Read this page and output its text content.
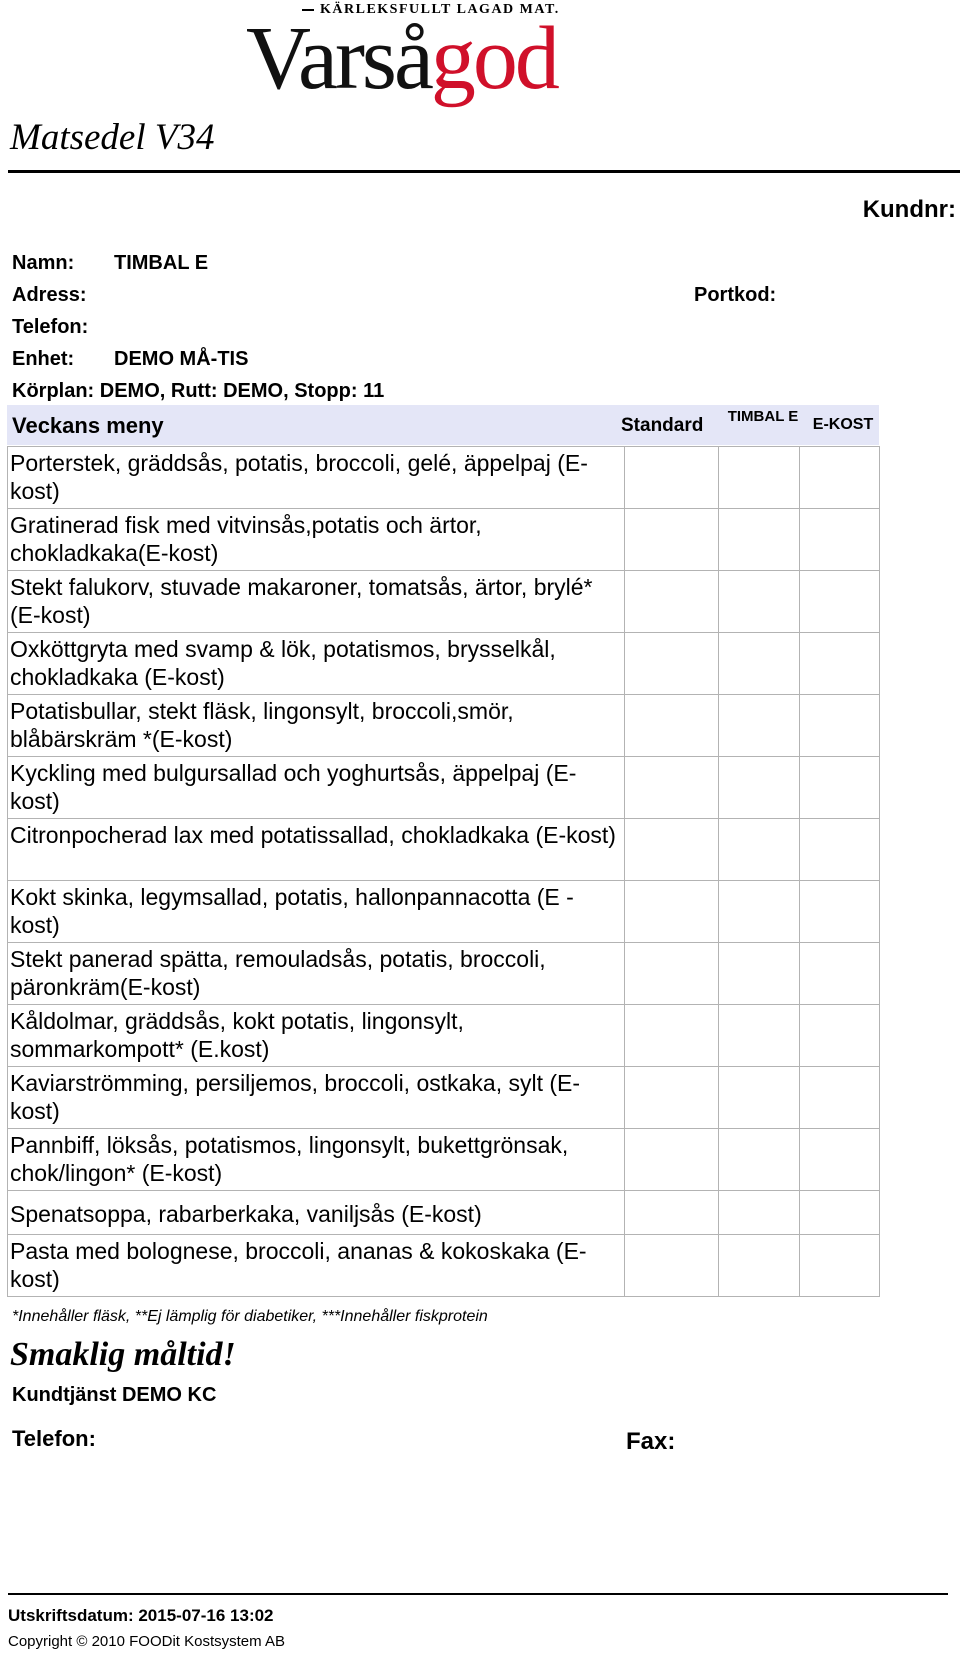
KÄRLEKSFULLT LAGAD MAT.
Varsågod
Matsedel V34
Kundnr:
Namn: TIMBAL E
Adress:	Portkod:
Telefon:
Enhet: DEMO MÅ-TIS
Körplan: DEMO, Rutt: DEMO, Stopp: 11
Veckans meny	Standard TIMBAL E E-KOST
Porterstek, gräddsås, potatis, broccoli, gelé, äppelpaj (E-kost)			
Gratinerad fisk med vitvinsås,potatis och ärtor, chokladkaka(E-kost)			
Stekt falukorv, stuvade makaroner, tomatsås, ärtor, brylé* (E-kost)			
Oxköttgryta med svamp & lök, potatismos, brysselkål, chokladkaka (E-kost)			
Potatisbullar, stekt fläsk, lingonsylt, broccoli,smör, blåbärskräm *(E-kost)			
Kyckling med bulgursallad och yoghurtsås, äppelpaj (E-kost)			
Citronpocherad lax med potatissallad, chokladkaka (E-kost)			
Kokt skinka, legymsallad, potatis, hallonpannacotta (E -kost)			
Stekt panerad spätta, remouladsås, potatis, broccoli, päronkräm(E-kost)			
Kåldolmar, gräddsås, kokt potatis, lingonsylt, sommarkompott* (E.kost)			
Kaviarströmming, persiljemos, broccoli, ostkaka, sylt (E-kost)			
Pannbiff, löksås, potatismos, lingonsylt, bukettgrönsak, chok/lingon* (E-kost)			
Spenatsoppa, rabarberkaka, vaniljsås (E-kost)			
Pasta med bolognese, broccoli, ananas & kokoskaka (E-kost)			
*Innehåller fläsk, **Ej lämplig för diabetiker, ***Innehåller fiskprotein
Smaklig måltid!
Kundtjänst DEMO KC
Telefon:	Fax:
Utskriftsdatum: 2015-07-16 13:02
Copyright © 2010 FOODit Kostsystem AB
